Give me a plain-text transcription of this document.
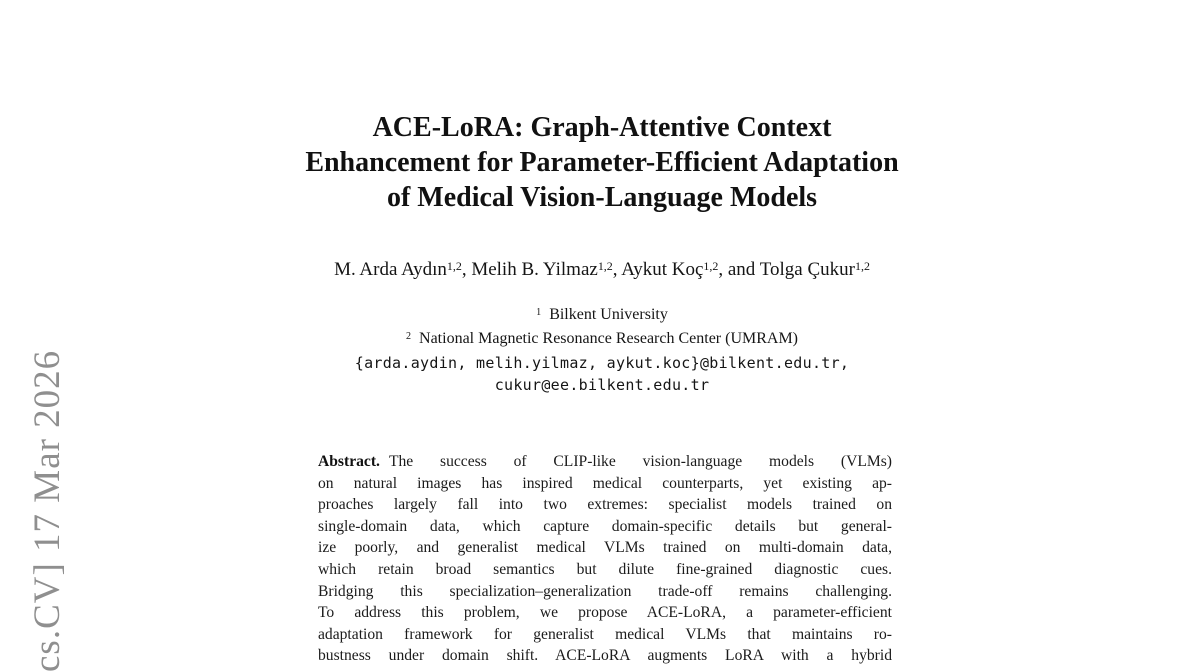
cs.CV] 17 Mar 2026
ACE-LoRA: Graph-Attentive Context
Enhancement for Parameter-Efficient Adaptation
of Medical Vision-Language Models
M. Arda Aydın$^{1,2}$, Melih B. Yilmaz$^{1,2}$, Aykut Koç$^{1,2}$, and Tolga Çukur$^{1,2}$
$^1$  Bilkent University
$^2$  National Magnetic Resonance Research Center (UMRAM)
{arda.aydin, melih.yilmaz, aykut.koc}@bilkent.edu.tr,
cukur@ee.bilkent.edu.tr
Abstract. The success of CLIP-like vision-language models (VLMs)
on natural images has inspired medical counterparts, yet existing ap-
proaches largely fall into two extremes: specialist models trained on
single-domain data, which capture domain-specific details but general-
ize poorly, and generalist medical VLMs trained on multi-domain data,
which retain broad semantics but dilute fine-grained diagnostic cues.
Bridging this specialization–generalization trade-off remains challenging.
To address this problem, we propose ACE-LoRA, a parameter-efficient
adaptation framework for generalist medical VLMs that maintains ro-
bustness under domain shift. ACE-LoRA augments LoRA with a hybrid
